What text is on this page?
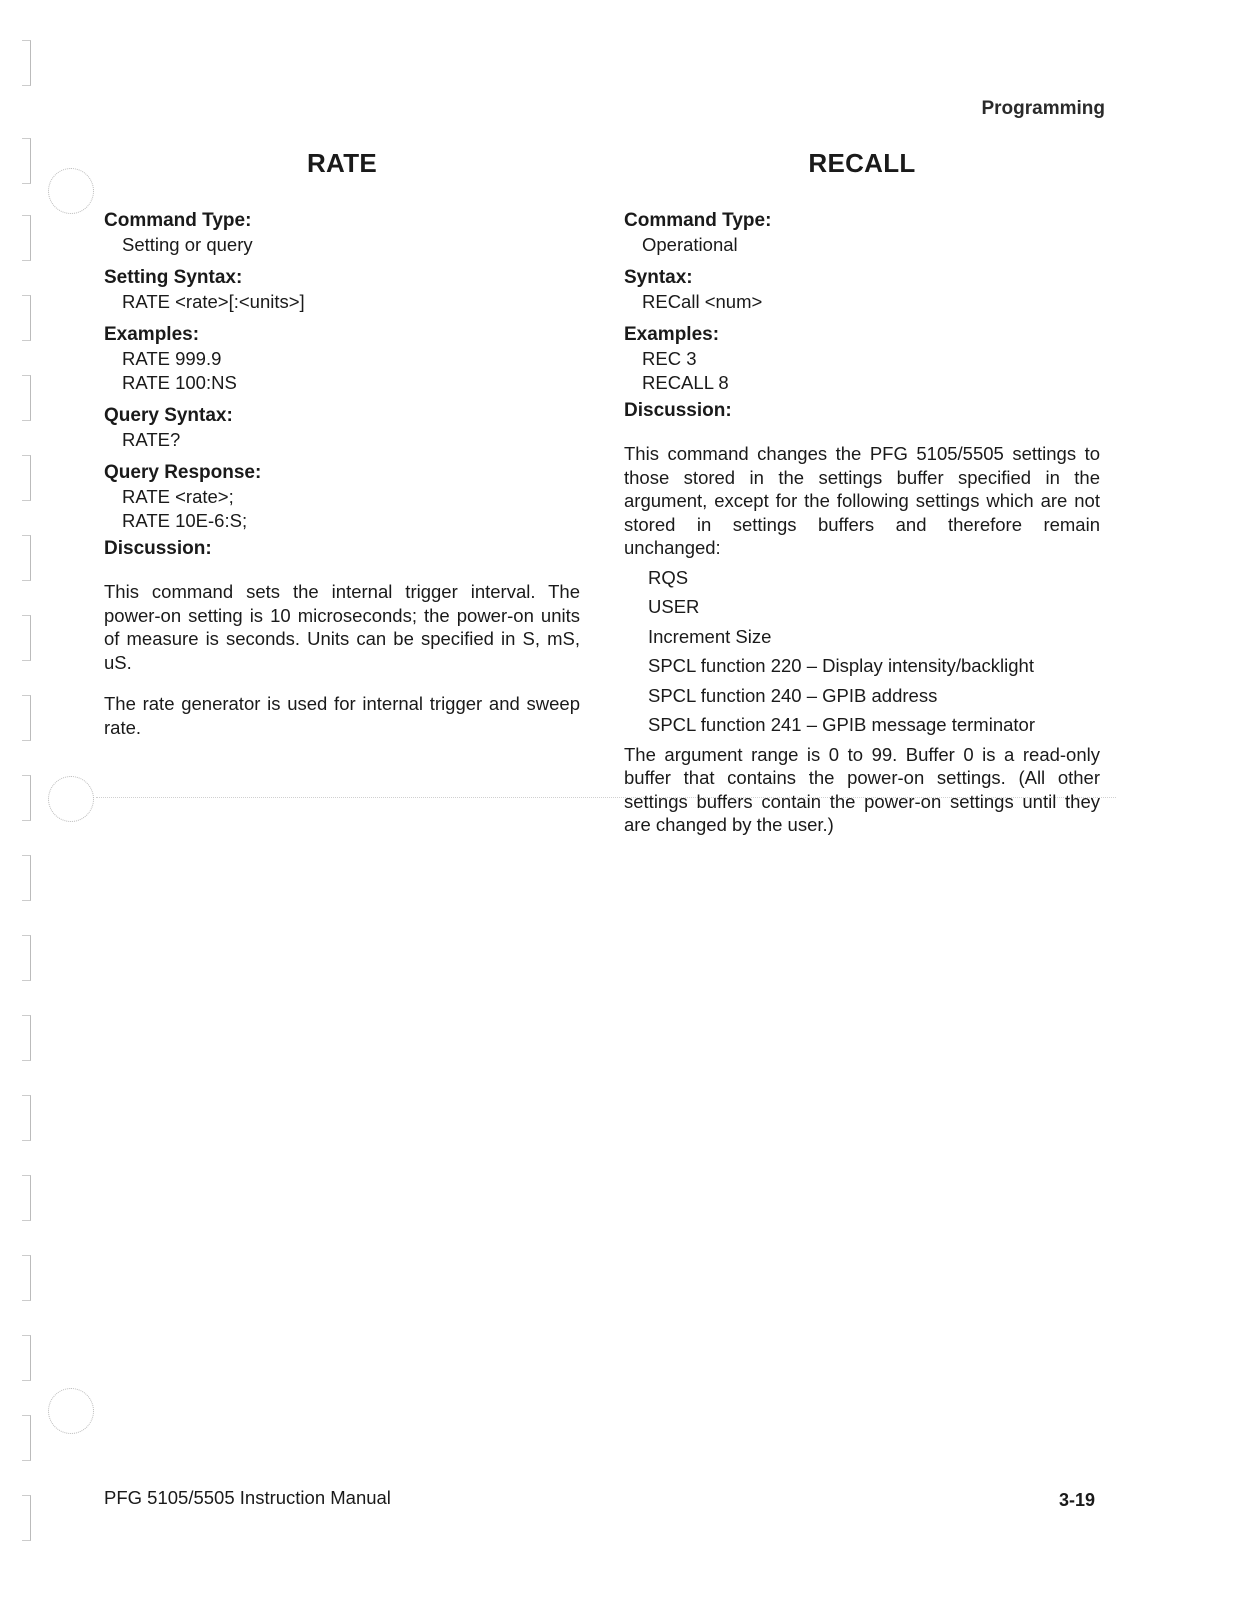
Programming
RATE

Command Type:

Setting or query

Setting Syntax:

RATE <rate>[:<units>]

Examples:

RATE 999.9

RATE 100:NS

Query Syntax:

RATE?

Query Response:

RATE <rate>;

RATE 10E-6:S;

Discussion:

This command sets the internal trigger interval. The power-on setting is 10 microseconds; the power-on units of measure is seconds. Units can be specified in S, mS, uS.

The rate generator is used for internal trigger and sweep rate.

RECALL

Command Type:

Operational

Syntax:

RECall <num>

Examples:

REC 3

RECALL 8

Discussion:

This command changes the PFG 5105/5505 settings to those stored in the settings buffer specified in the argument, except for the following settings which are not stored in settings buffers and therefore remain unchanged:

RQS

USER

Increment Size

SPCL function 220 – Display intensity/backlight

SPCL function 240 – GPIB address

SPCL function 241 – GPIB message terminator

The argument range is 0 to 99. Buffer 0 is a read-only buffer that contains the power-on settings. (All other settings buffers contain the power-on settings until they are changed by the user.)

PFG 5105/5505 Instruction Manual	3-19
